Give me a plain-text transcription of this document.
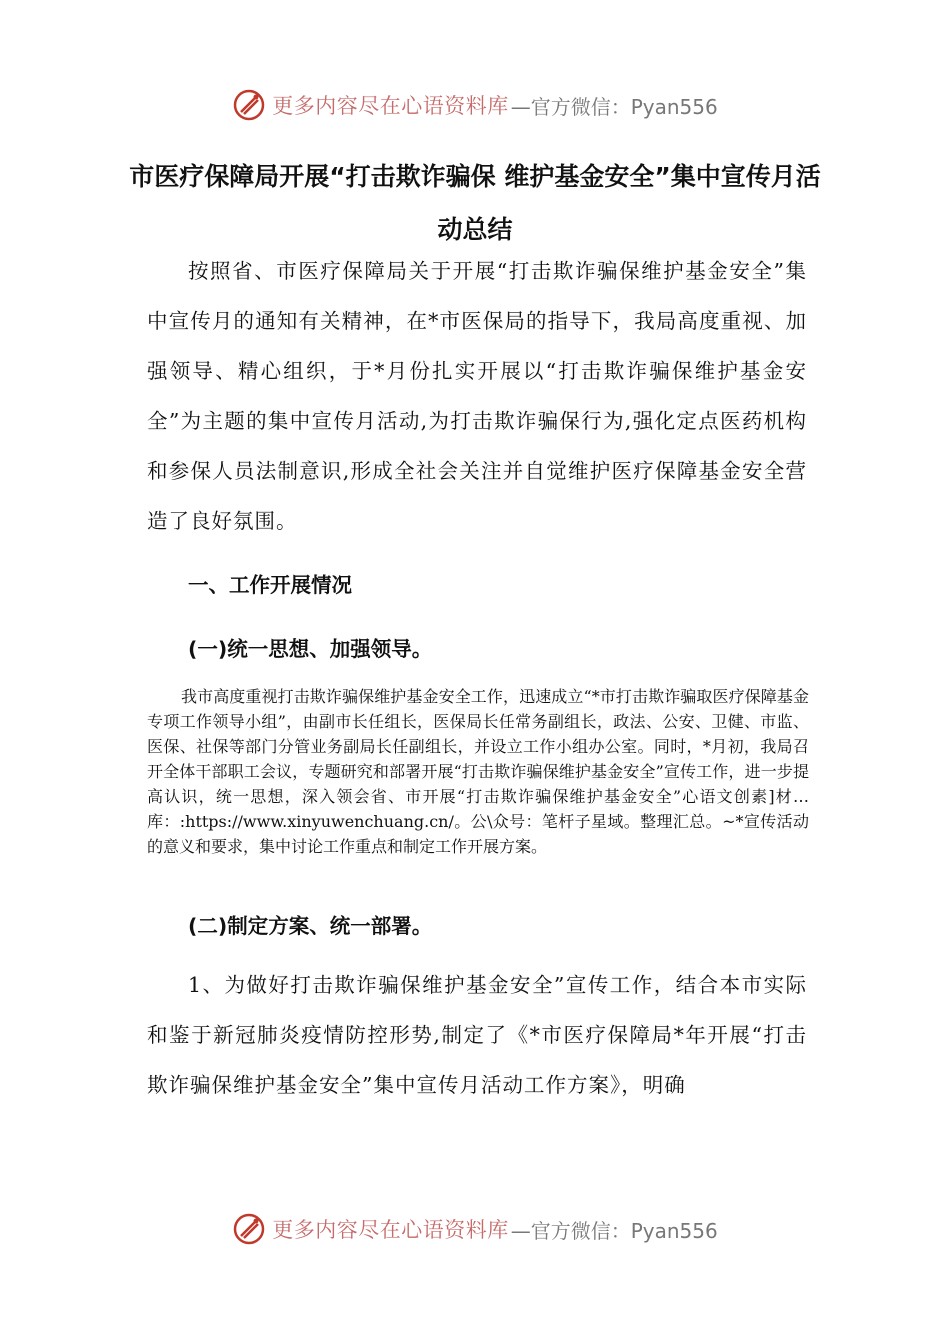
更多内容尽在心语资料库 —官方微信：Pyan556
市医疗保障局开展“打击欺诈骗保 维护基金安全”集中宣传月活动总结
按照省、市医疗保障局关于开展“打击欺诈骗保维护基金安全”集中宣传月的通知有关精神，在*市医保局的指导下，我局高度重视、加强领导、精心组织，于*月份扎实开展以“打击欺诈骗保维护基金安全”为主题的集中宣传月活动,为打击欺诈骗保行为,强化定点医药机构和参保人员法制意识,形成全社会关注并自觉维护医疗保障基金安全营造了良好氛围。
一、工作开展情况
(一)统一思想、加强领导。
我市高度重视打击欺诈骗保维护基金安全工作，迅速成立“*市打击欺诈骗取医疗保障基金专项工作领导小组”，由副市长任组长，医保局长任常务副组长，政法、公安、卫健、市监、医保、社保等部门分管业务副局长任副组长，并设立工作小组办公室。同时，*月初，我局召开全体干部职工会议，专题研究和部署开展“打击欺诈骗保维护基金安全”宣传工作，进一步提高认识，统一思想，深入领会省、市开展“打击欺诈骗保维护基金安全”心语文创素]材…库：:https://www.xinyuwenchuang.cn/。公\众号：笔杆子星域。整理汇总。~*宣传活动的意义和要求，集中讨论工作重点和制定工作开展方案。
(二)制定方案、统一部署。
1、为做好打击欺诈骗保维护基金安全”宣传工作，结合本市实际和鉴于新冠肺炎疫情防控形势,制定了《*市医疗保障局*年开展“打击欺诈骗保维护基金安全”集中宣传月活动工作方案》，明确
更多内容尽在心语资料库 —官方微信：Pyan556
